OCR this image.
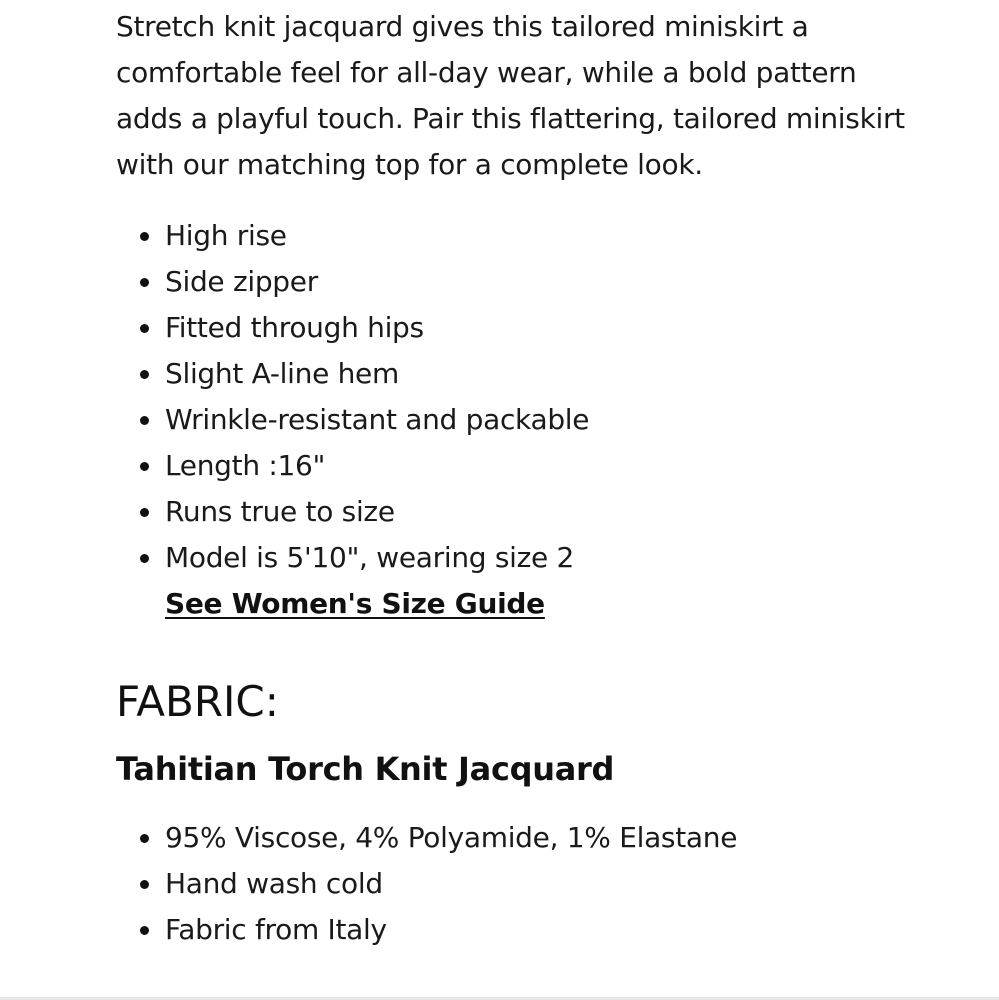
Stretch knit jacquard gives this tailored miniskirt a comfortable feel for all-day wear, while a bold pattern adds a playful touch. Pair this flattering, tailored miniskirt with our matching top for a complete look.

High rise
Side zipper
Fitted through hips
Slight A-line hem
Wrinkle-resistant and packable
Length :16"
Runs true to size
Model is 5'10", wearing size 2
See Women's Size Guide
FABRIC:
Tahitian Torch Knit Jacquard
95% Viscose, 4% Polyamide, 1% Elastane
Hand wash cold
Fabric from Italy
